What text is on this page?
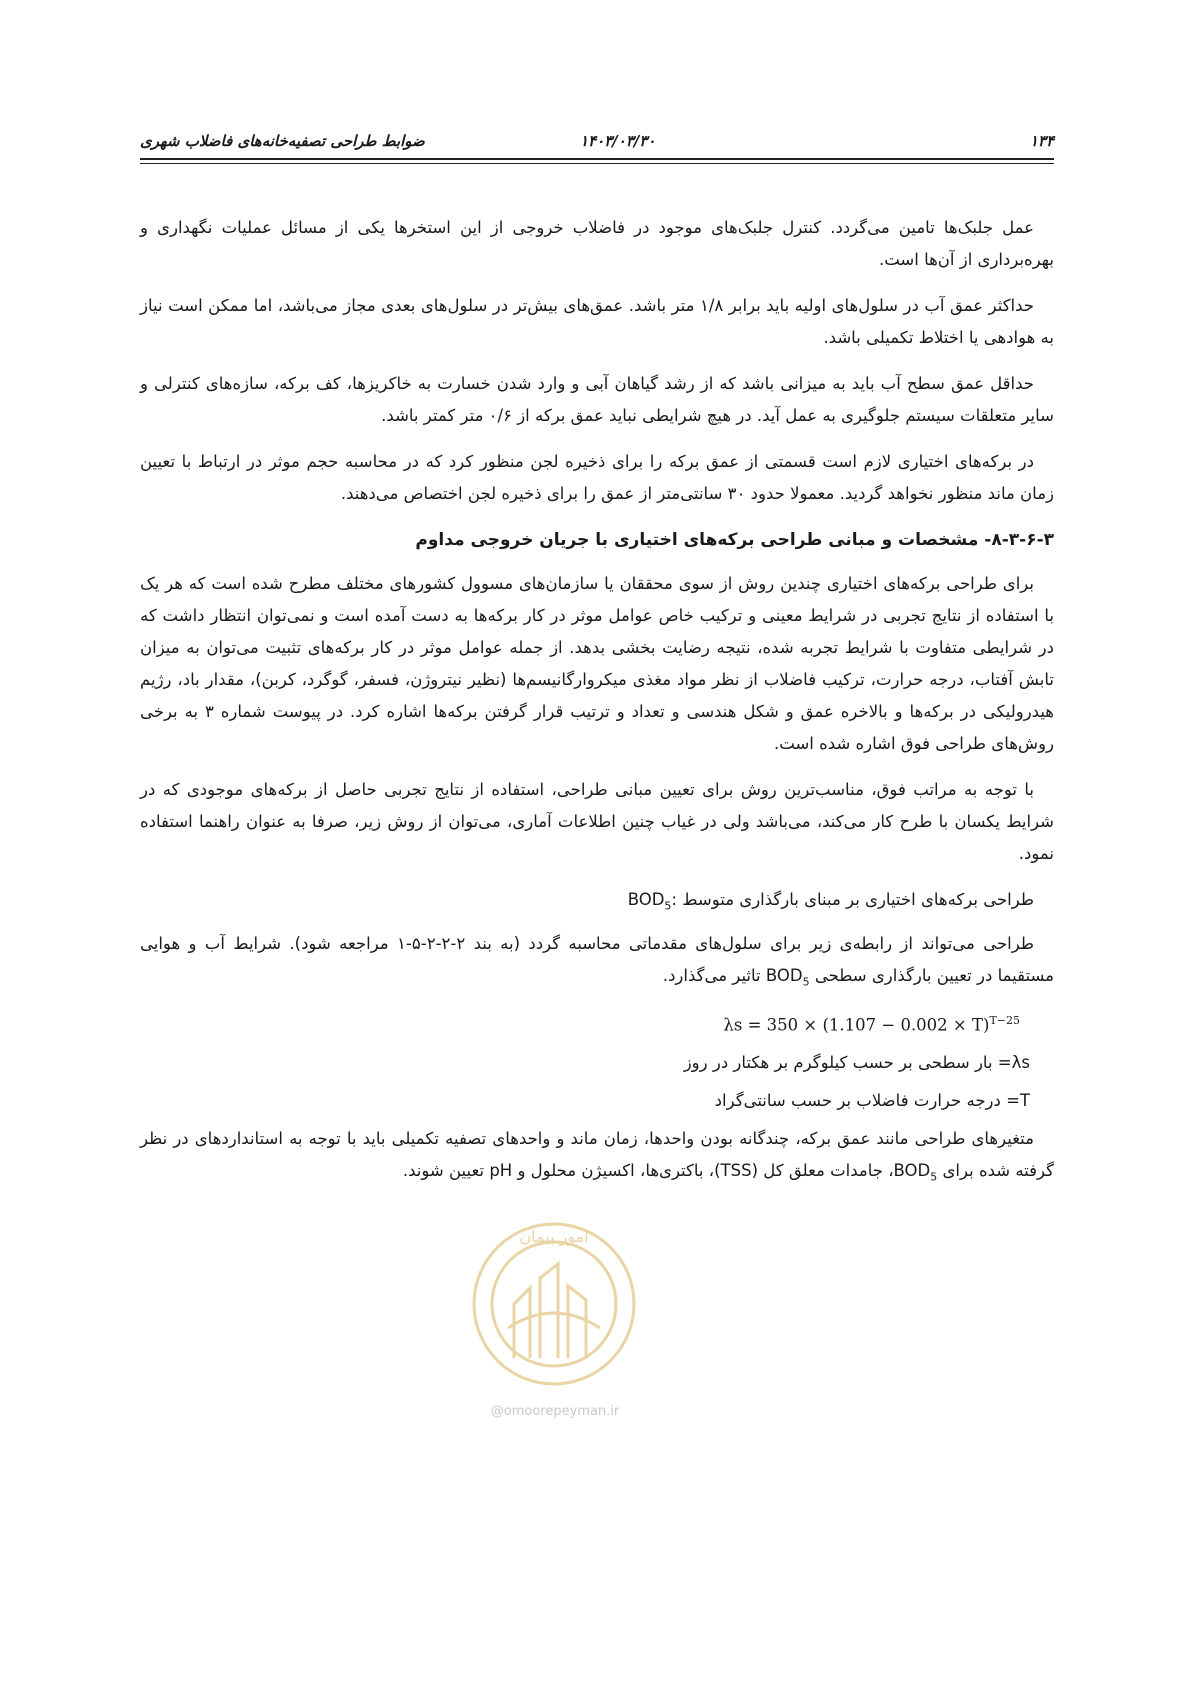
۱۳۴
۱۴۰۳/۰۳/۳۰
ضوابط طراحی تصفیه‌خانه‌های فاضلاب شهری

عمل جلبک‌ها تامین می‌گردد. کنترل جلبک‌های موجود در فاضلاب خروجی از این استخرها یکی از مسائل عملیات نگهداری و بهره‌برداری از آن‌ها است.

حداکثر عمق آب در سلول‌های اولیه باید برابر ۱/۸ متر باشد. عمق‌های بیش‌تر در سلول‌های بعدی مجاز می‌باشد، اما ممکن است نیاز به هوادهی یا اختلاط تکمیلی باشد.

حداقل عمق سطح آب باید به میزانی باشد که از رشد گیاهان آبی و وارد شدن خسارت به خاکریزها، کف برکه، سازه‌های کنترلی و سایر متعلقات سیستم جلوگیری به عمل آید. در هیچ شرایطی نباید عمق برکه از ۰/۶ متر کمتر باشد.

در برکه‌های اختیاری لازم است قسمتی از عمق برکه را برای ذخیره لجن منظور کرد که در محاسبه حجم موثر در ارتباط با تعیین زمان ماند منظور نخواهد گردید. معمولا حدود ۳۰ سانتی‌متر از عمق را برای ذخیره لجن اختصاص می‌دهند.

۸-۳-۶-۳- مشخصات و مبانی طراحی برکه‌های اختیاری با جریان خروجی مداوم

برای طراحی برکه‌های اختیاری چندین روش از سوی محققان یا سازمان‌های مسوول کشورهای مختلف مطرح شده است که هر یک با استفاده از نتایج تجربی در شرایط معینی و ترکیب خاص عوامل موثر در کار برکه‌ها به دست آمده است و نمی‌توان انتظار داشت که در شرایطی متفاوت با شرایط تجربه شده، نتیجه رضایت بخشی بدهد. از جمله عوامل موثر در کار برکه‌های تثبیت می‌توان به میزان تابش آفتاب، درجه حرارت، ترکیب فاضلاب از نظر مواد مغذی میکروارگانیسم‌ها (نظیر نیتروژن، فسفر، گوگرد، کربن)، مقدار باد، رژیم هیدرولیکی در برکه‌ها و بالاخره عمق و شکل هندسی و تعداد و ترتیب قرار گرفتن برکه‌ها اشاره کرد. در پیوست شماره ۳ به برخی روش‌های طراحی فوق اشاره شده است.

با توجه به مراتب فوق، مناسب‌ترین روش برای تعیین مبانی طراحی، استفاده از نتایج تجربی حاصل از برکه‌های موجودی که در شرایط یکسان با طرح کار می‌کند، می‌باشد ولی در غیاب چنین اطلاعات آماری، می‌توان از روش زیر، صرفا به عنوان راهنما استفاده نمود.

طراحی برکه‌های اختیاری بر مبنای بارگذاری متوسط $BOD_5$:

طراحی می‌تواند از رابطه‌ی زیر برای سلول‌های مقدماتی محاسبه گردد (به بند ۲-۲-۲-۵-۱ مراجعه شود). شرایط آب و هوایی مستقیما در تعیین بارگذاری سطحی $BOD_5$ تاثیر می‌گذارد.

$\lambda s = 350 \times (1.107 - 0.002 \times T)^{T-25}$
λs= بار سطحی بر حسب کیلوگرم بر هکتار در روز
T= درجه حرارت فاضلاب بر حسب سانتی‌گراد

متغیرهای طراحی مانند عمق برکه، چندگانه بودن واحدها، زمان ماند و واحدهای تصفیه تکمیلی باید با توجه به استانداردهای در نظر گرفته شده برای $BOD_5،$ جامدات معلق کل (TSS)، باکتری‌ها، اکسیژن محلول و pH تعیین شوند.

امور پیمان
@omoorepeyman.ir
